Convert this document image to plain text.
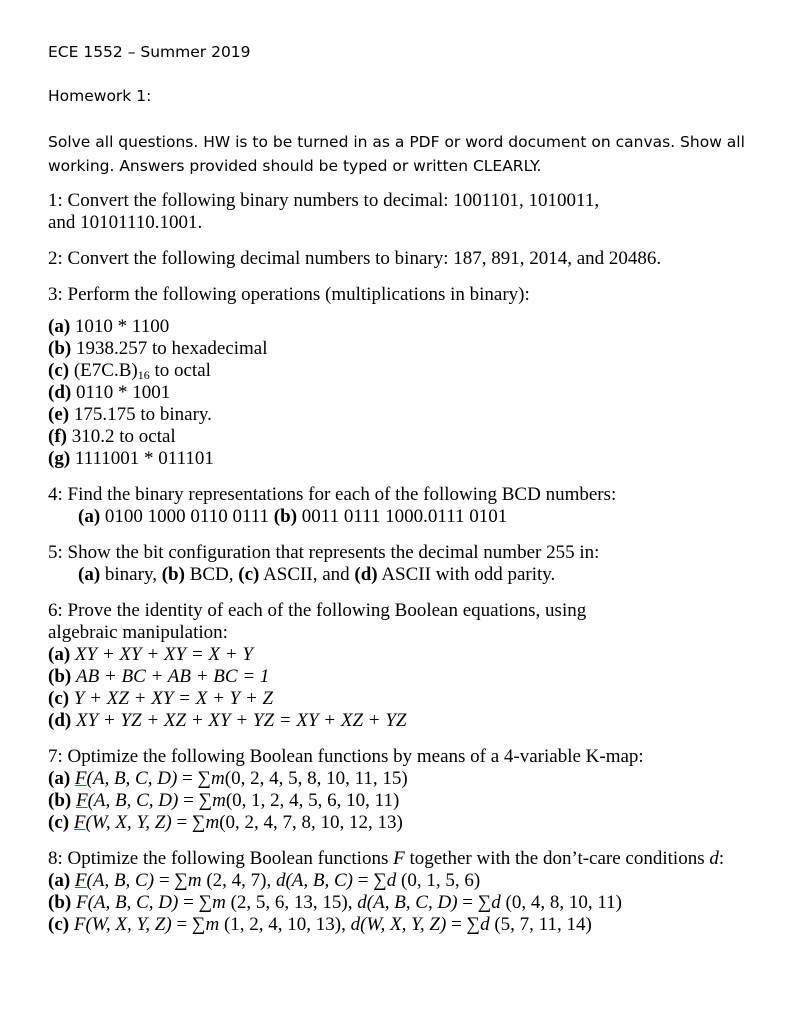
ECE 1552 – Summer 2019
Homework 1:
Solve all questions. HW is to be turned in as a PDF or word document on canvas. Show all working. Answers provided should be typed or written CLEARLY.
1: Convert the following binary numbers to decimal: 1001101, 1010011,
and 10101110.1001.
2: Convert the following decimal numbers to binary: 187, 891, 2014, and 20486.
3: Perform the following operations (multiplications in binary):
(a) 1010 * 1100
(b) 1938.257 to hexadecimal
(c) $(E7C.B)_{16}$ to octal
(d) 0110 * 1001
(e) 175.175 to binary.
(f) 310.2 to octal
(g) 1111001 * 011101
4: Find the binary representations for each of the following BCD numbers:
(a) 0100 1000 0110 0111 (b) 0011 0111 1000.0111 0101
5: Show the bit configuration that represents the decimal number 255 in:
(a) binary, (b) BCD, (c) ASCII, and (d) ASCII with odd parity.
6: Prove the identity of each of the following Boolean equations, using
algebraic manipulation:
(a) XY + XY + XY = X + Y
(b) AB + BC + AB + BC = 1
(c) Y + XZ + XY = X + Y + Z
(d) XY + YZ + XZ + XY + YZ = XY + XZ + YZ
7: Optimize the following Boolean functions by means of a 4-variable K-map:
(a) F(A, B, C, D) = ∑m(0, 2, 4, 5, 8, 10, 11, 15)
(b) F(A, B, C, D) = ∑m(0, 1, 2, 4, 5, 6, 10, 11)
(c) F(W, X, Y, Z) = ∑m(0, 2, 4, 7, 8, 10, 12, 13)
8: Optimize the following Boolean functions F together with the don’t-care conditions d:
(a) F(A, B, C) = ∑m (2, 4, 7), d(A, B, C) = ∑d (0, 1, 5, 6)
(b) F(A, B, C, D) = ∑m (2, 5, 6, 13, 15), d(A, B, C, D) = ∑d (0, 4, 8, 10, 11)
(c) F(W, X, Y, Z) = ∑m (1, 2, 4, 10, 13), d(W, X, Y, Z) = ∑d (5, 7, 11, 14)
